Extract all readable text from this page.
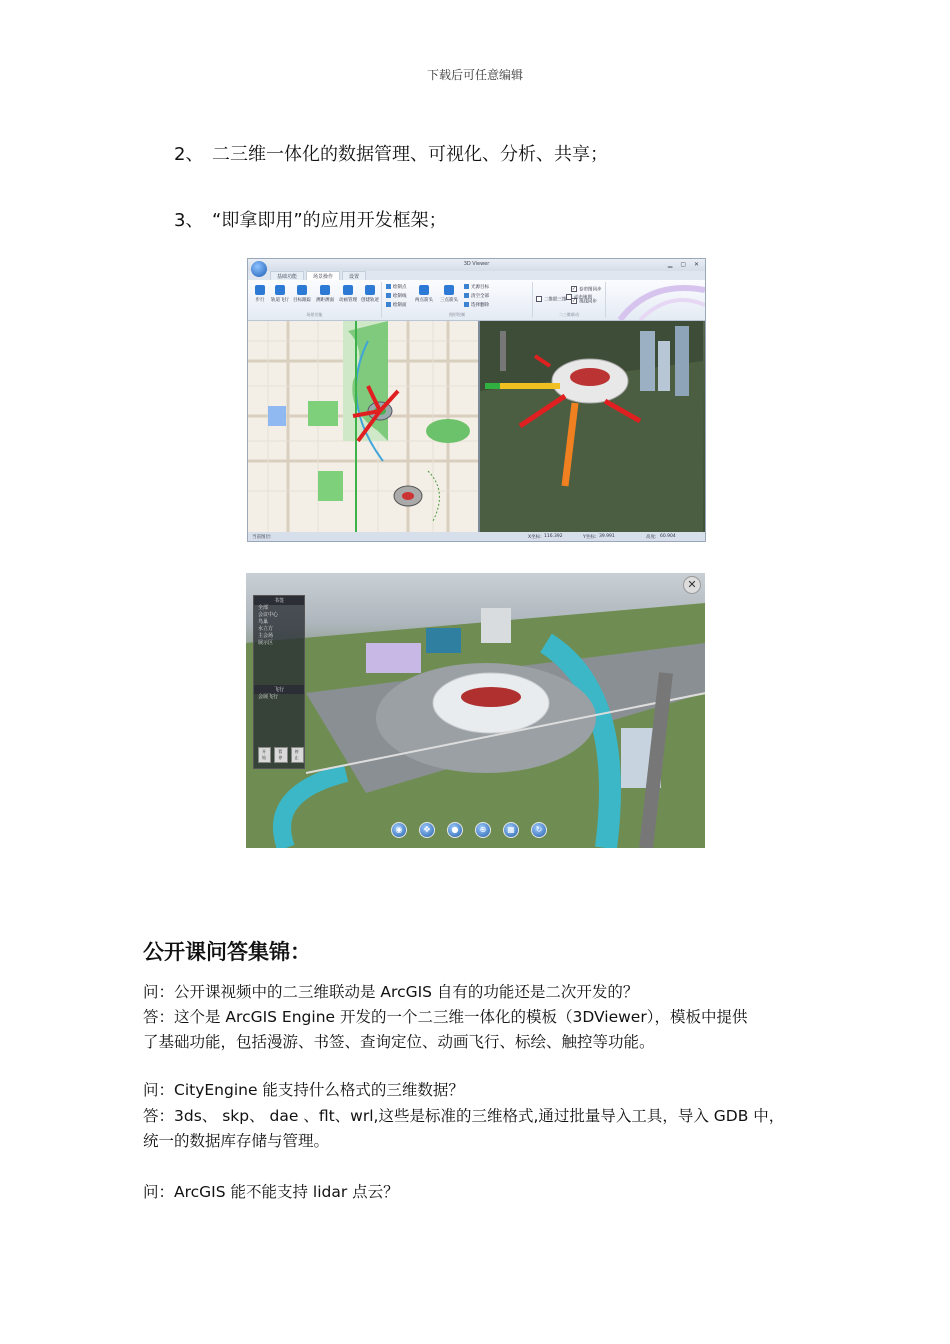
下载后可任意编辑
2、 二三维一体化的数据管理、可视化、分析、共享；
3、 “即拿即用”的应用开发框架；
3D Viewer	▁ ▢ ✕
基础功能	场景操作	设置
步行	轨道飞行 目标跟踪	测距测面	动画管理 创建轨迹
场景功能
绘制点
绘制线
绘制面
两点箭头	三点箭头
光源目标
清空全部
选择删除
图形绘制
二维联三维
✓ 卷帘图同步
✓ 视线同步
二三维联动
动态地图
当前图层:	X坐标: 116.392	Y坐标: 39.991	高度: 60.904
书签
全部
会议中心
鸟巢
水立方
主会场
展示区
飞行
会展飞行
开始
暂停
停止
✕
◉	✥	●	⊕	▦	↻
公开课问答集锦：
问：公开课视频中的二三维联动是 ArcGIS 自有的功能还是二次开发的？
答：这个是 ArcGIS Engine 开发的一个二三维一体化的模板（3DViewer），模板中提供
了基础功能，包括漫游、书签、查询定位、动画飞行、标绘、触控等功能。
问：CityEngine 能支持什么格式的三维数据？
答：3ds、 skp、 dae 、flt、wrl,这些是标准的三维格式,通过批量导入工具，导入 GDB 中，
统一的数据库存储与管理。
问：ArcGIS 能不能支持 lidar 点云？
